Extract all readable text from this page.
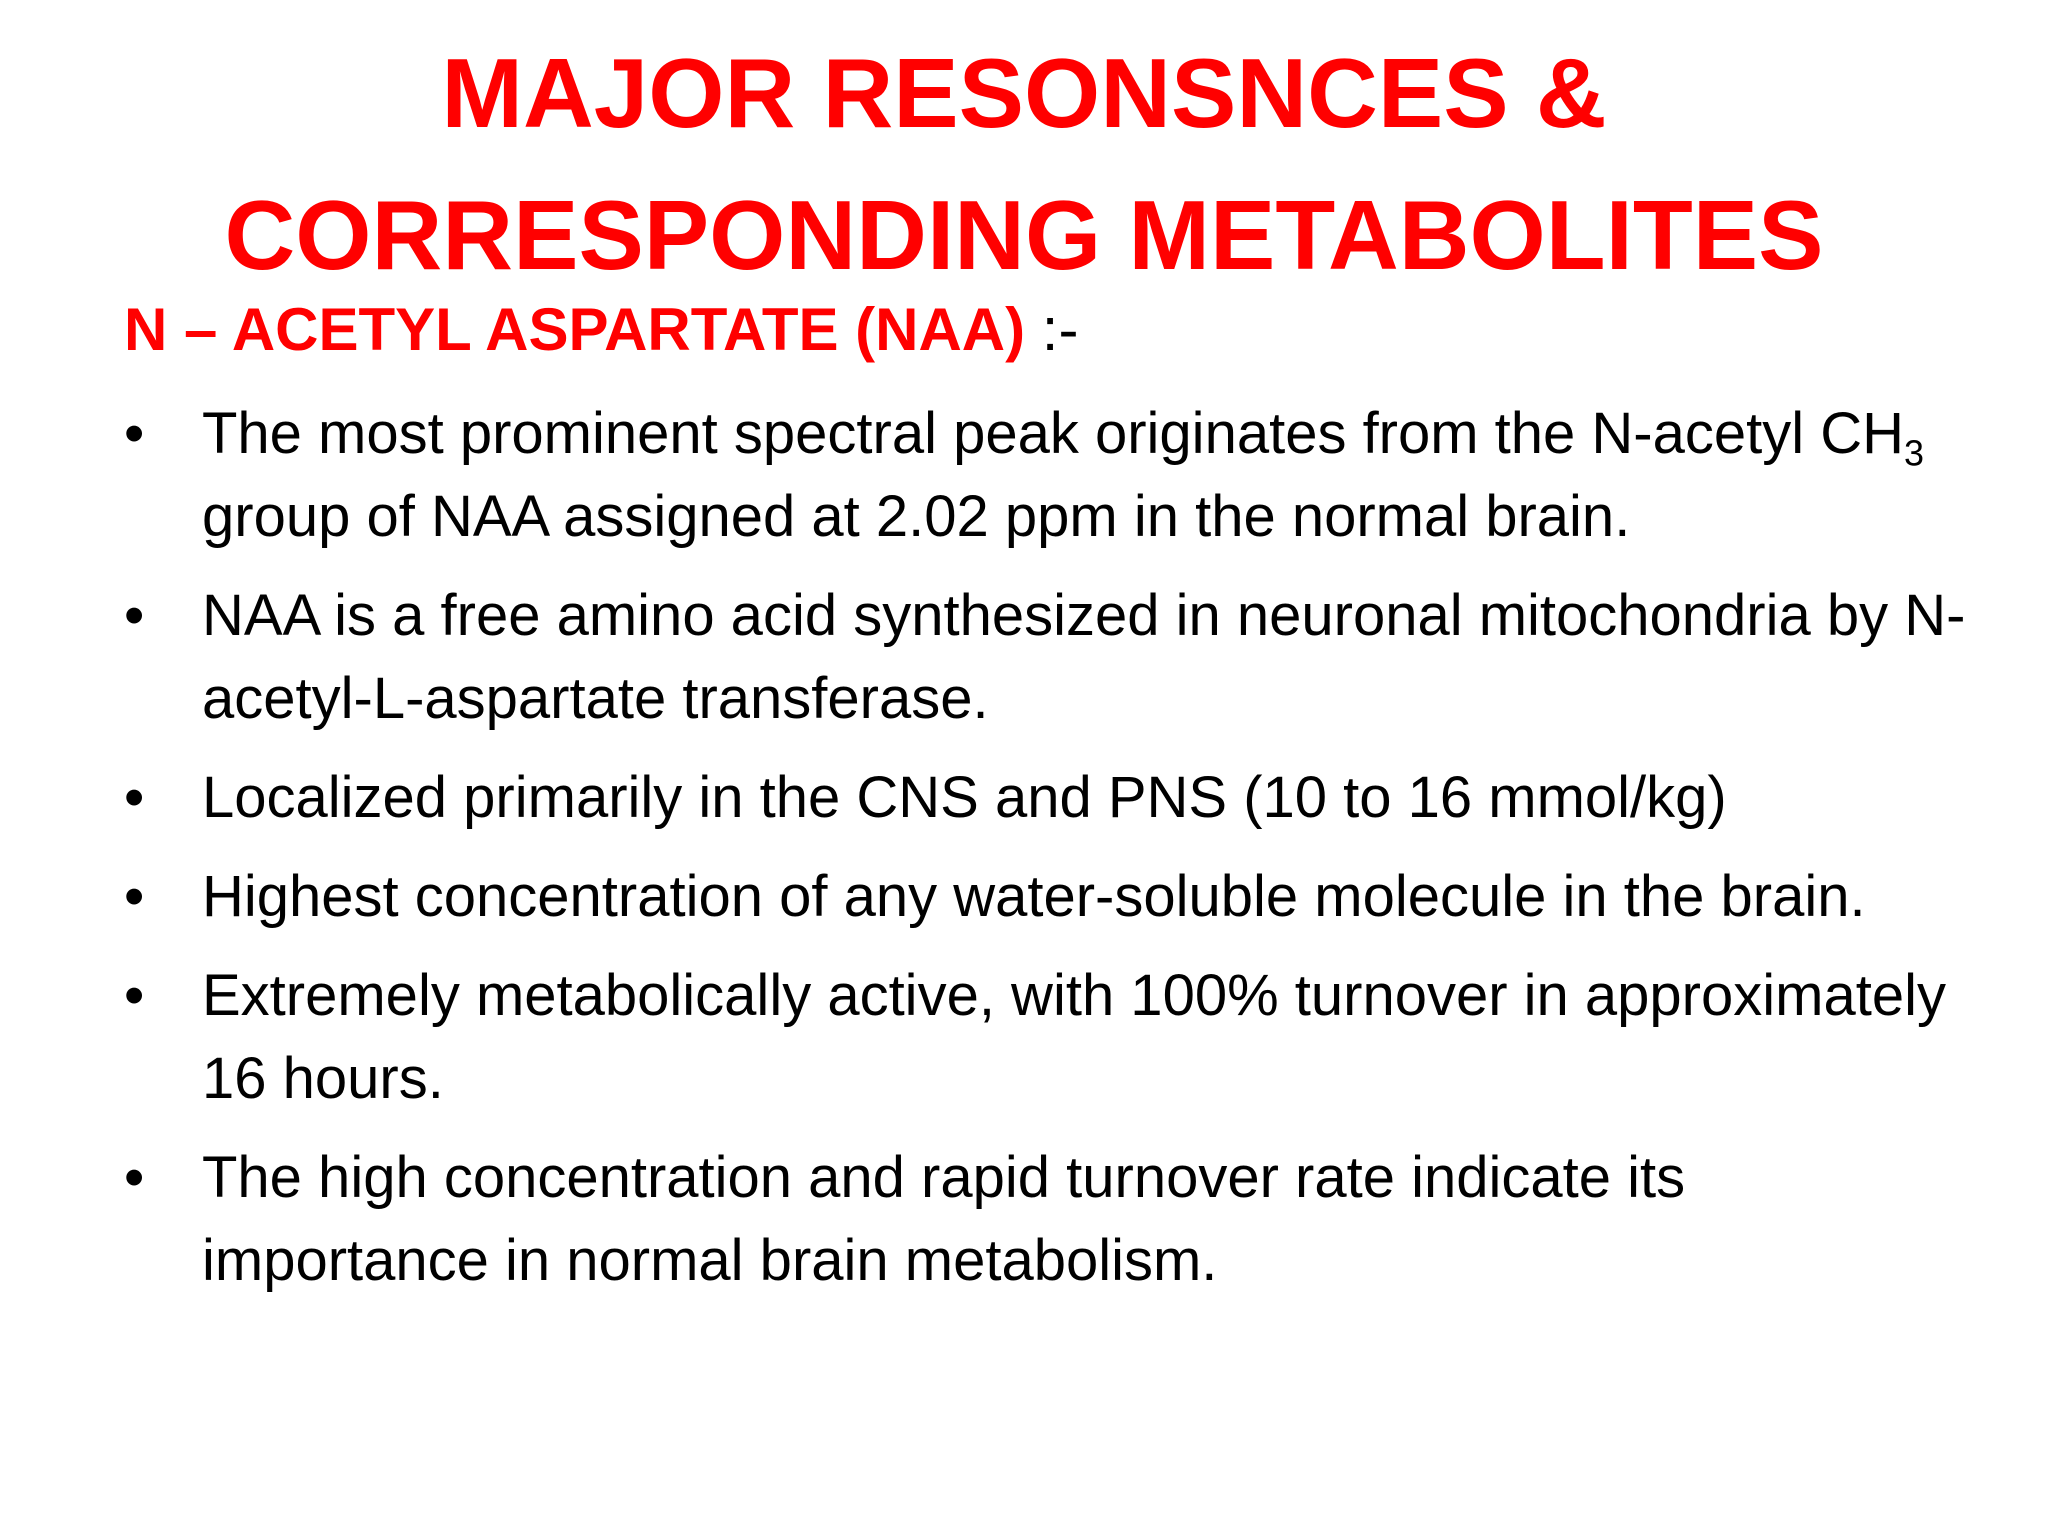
MAJOR RESONSNCES &
CORRESPONDING METABOLITES
N – ACETYL ASPARTATE (NAA) :-
• The most prominent spectral peak originates from the N-acetyl $CH_3$ group of NAA assigned at 2.02 ppm in the normal brain.
• NAA is a free amino acid synthesized in neuronal mitochondria by N-acetyl-L-aspartate transferase.
• Localized primarily in the CNS and PNS (10 to 16 mmol/kg)
• Highest concentration of any water-soluble molecule in the brain.
• Extremely metabolically active, with 100% turnover in approximately 16 hours.
• The high concentration and rapid turnover rate indicate its importance in normal brain metabolism.
